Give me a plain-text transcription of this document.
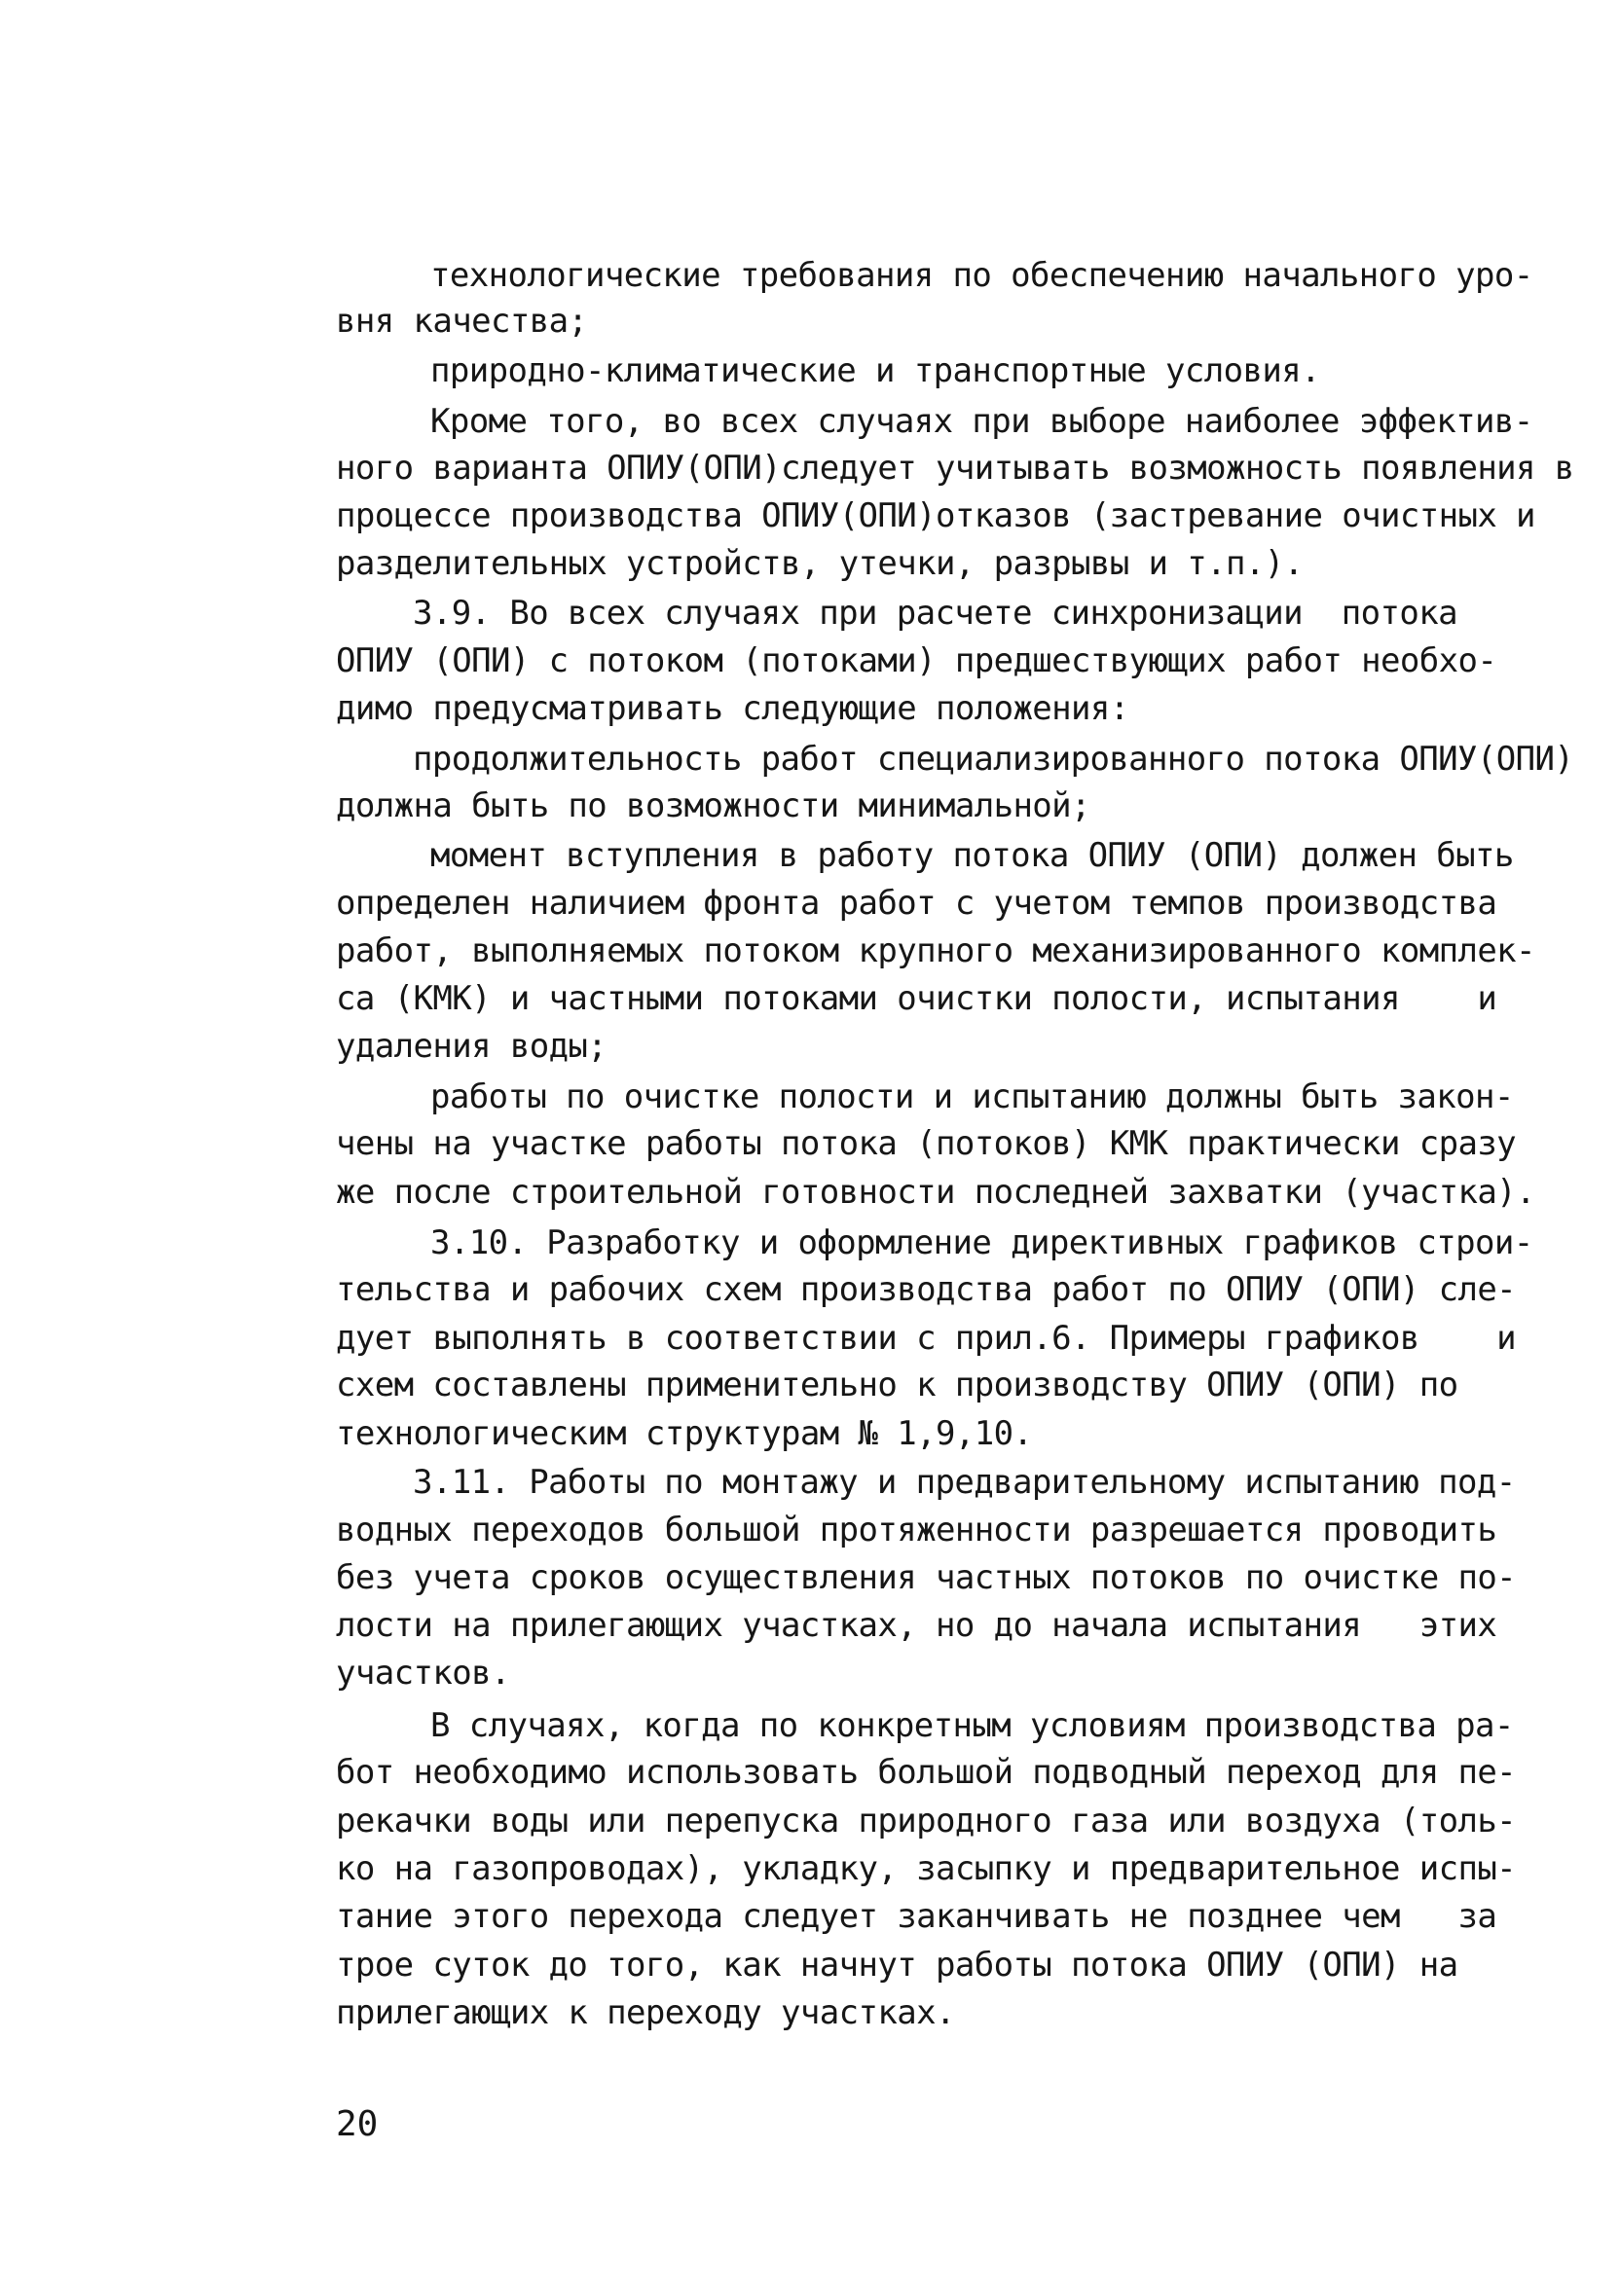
технологические требования по обеспечению начального уро-
вня качества;
природно-климатические и транспортные условия.
Кроме того, во всех случаях при выборе наиболее эффектив-
ного варианта ОПИУ(ОПИ)следует учитывать возможность появления в
процессе производства ОПИУ(ОПИ)отказов (застревание очистных и
разделительных устройств, утечки, разрывы и т.п.).
3.9. Во всех случаях при расчете синхронизации  потока
ОПИУ (ОПИ) с потоком (потоками) предшествующих работ необхо-
димо предусматривать следующие положения:
продолжительность работ специализированного потока ОПИУ(ОПИ)
должна быть по возможности минимальной;
момент вступления в работу потока ОПИУ (ОПИ) должен быть
определен наличием фронта работ с учетом темпов производства
работ, выполняемых потоком крупного механизированного комплек-
са (КМК) и частными потоками очистки полости, испытания    и
удаления воды;
работы по очистке полости и испытанию должны быть закон-
чены на участке работы потока (потоков) КМК практически сразу
же после строительной готовности последней захватки (участка).
3.10. Разработку и оформление директивных графиков строи-
тельства и рабочих схем производства работ по ОПИУ (ОПИ) сле-
дует выполнять в соответствии с прил.6. Примеры графиков    и
схем составлены применительно к производству ОПИУ (ОПИ) по
технологическим структурам № 1,9,10.
3.11. Работы по монтажу и предварительному испытанию под-
водных переходов большой протяженности разрешается проводить
без учета сроков осуществления частных потоков по очистке по-
лости на прилегающих участках, но до начала испытания   этих
участков.
В случаях, когда по конкретным условиям производства ра-
бот необходимо использовать большой подводный переход для пе-
рекачки воды или перепуска природного газа или воздуха (толь-
ко на газопроводах), укладку, засыпку и предварительное испы-
тание этого перехода следует заканчивать не позднее чем   за
трое суток до того, как начнут работы потока ОПИУ (ОПИ) на
прилегающих к переходу участках.
20
